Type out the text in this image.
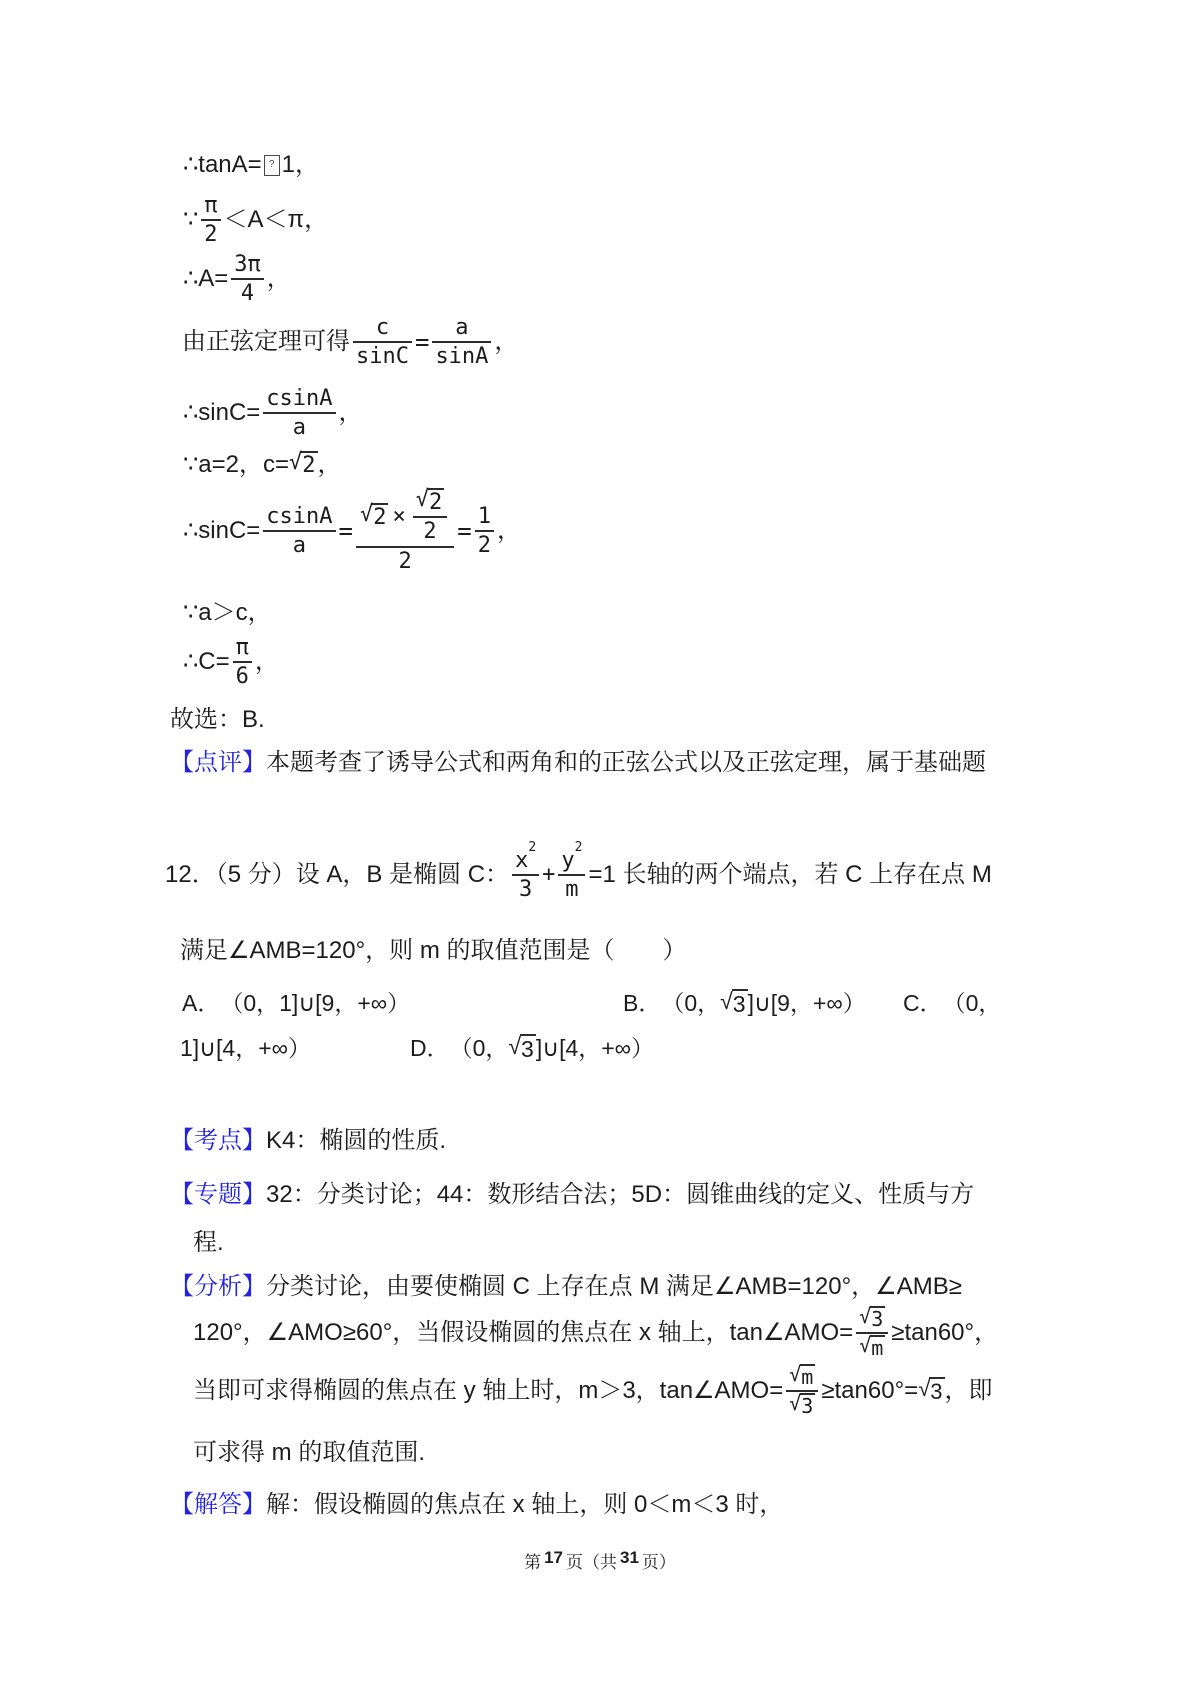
∴tanA= ? 1，
∵ $\frac{\pi}{2} <A<\pi$，
∴A= $\frac{3\pi}{4}$ ，
由正弦定理可得 $\frac{c}{\sin C} = \frac{a}{\sin A}$ ，
∴sinC= $\frac{csinA}{a}$ ，
∵a=2，c= √ 2 ，
∴sinC= $\frac{csinA}{a} = \frac{√ 2 \times \frac{√ 2}{2}}{2} = \frac{1}{2}$ ，
∵a＞c，
∴C= $\frac{\pi}{6}$ ，
故选：B.
【点评】 本题考查了诱导公式和两角和的正弦公式以及正弦定理，属于基础题
12．（5 分）设 A，B 是椭圆 C： x
2
3 + y
2
m =1 长轴的两个端点，若 C 上存在点 M
满足∠AMB=120°，则 m 的取值范围是（　　）
A． （0，1]∪[9，+∞）	B． （0， √ 3 ]∪[9，+∞） C． （0，
1]∪[4，+∞）	D． （0， √ 3 ]∪[4，+∞）
【考点】 K4：椭圆的性质.
【专题】 32：分类讨论；44：数形结合法；5D：圆锥曲线的定义、性质与方
程.
【分析】 分类讨论，由要使椭圆 C 上存在点 M 满足∠AMB=120°，∠AMB≥
120°，∠AMO≥60°，当假设椭圆的焦点在 x 轴上，tan∠AMO= $\frac{√ 3}{√ m} \ge\tan 60^\circ$，
当即可求得椭圆的焦点在 y 轴上时，m＞3，tan∠AMO= $\frac{√ m}{√ 3} \ge\tan 60^\circ=$ √ 3 ，即
可求得 m 的取值范围.
【解答】 解：假设椭圆的焦点在 x 轴上，则 0＜m＜3 时，
第 17 页（共 31 页）
